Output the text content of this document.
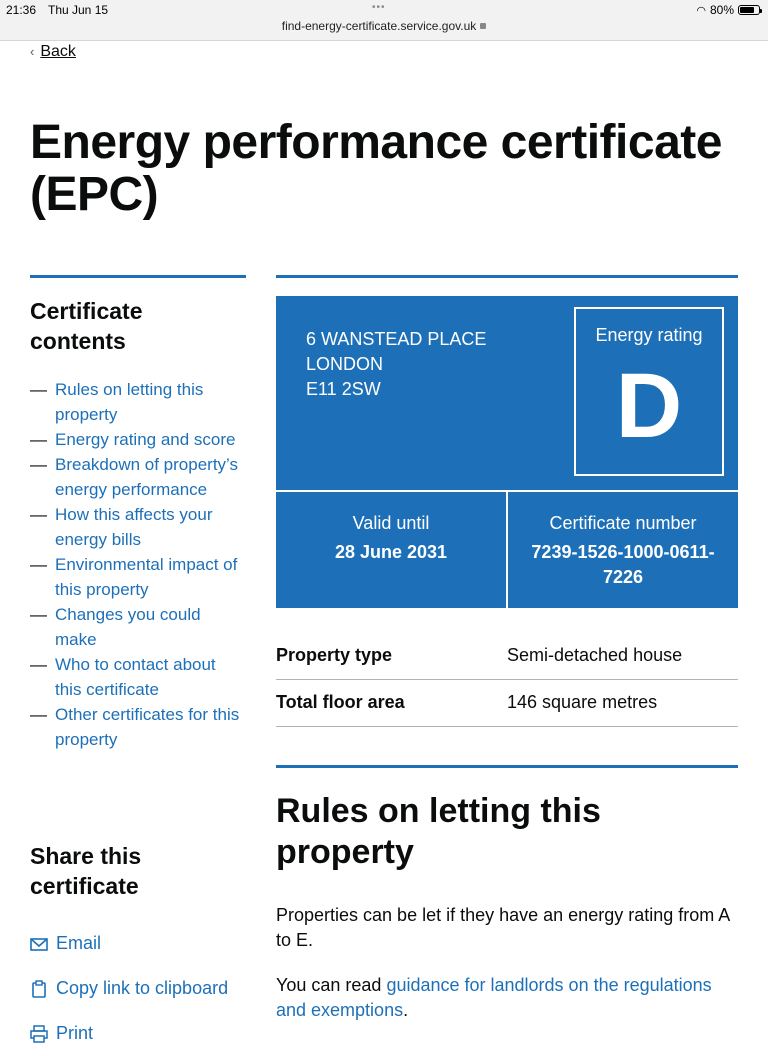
21:36 Thu Jun 15	•••
find-energy-certificate.service.gov.uk
◠ 80%
‹ Back
Energy performance certificate (EPC)
Certificate contents
— Rules on letting this property
— Energy rating and score
— Breakdown of property’s energy performance
— How this affects your energy bills
— Environmental impact of this property
— Changes you could make
— Who to contact about this certificate
— Other certificates for this property
Share this certificate
Email
Copy link to clipboard
Print
6 WANSTEAD PLACE
LONDON
E11 2SW
Energy rating
D
Valid until
28 June 2031
Certificate number
7239-1526-1000-0611-7226
Property type	Semi-detached house
Total floor area	146 square metres
Rules on letting this property

Properties can be let if they have an energy rating from A to E.

You can read guidance for landlords on the regulations and exemptions.
